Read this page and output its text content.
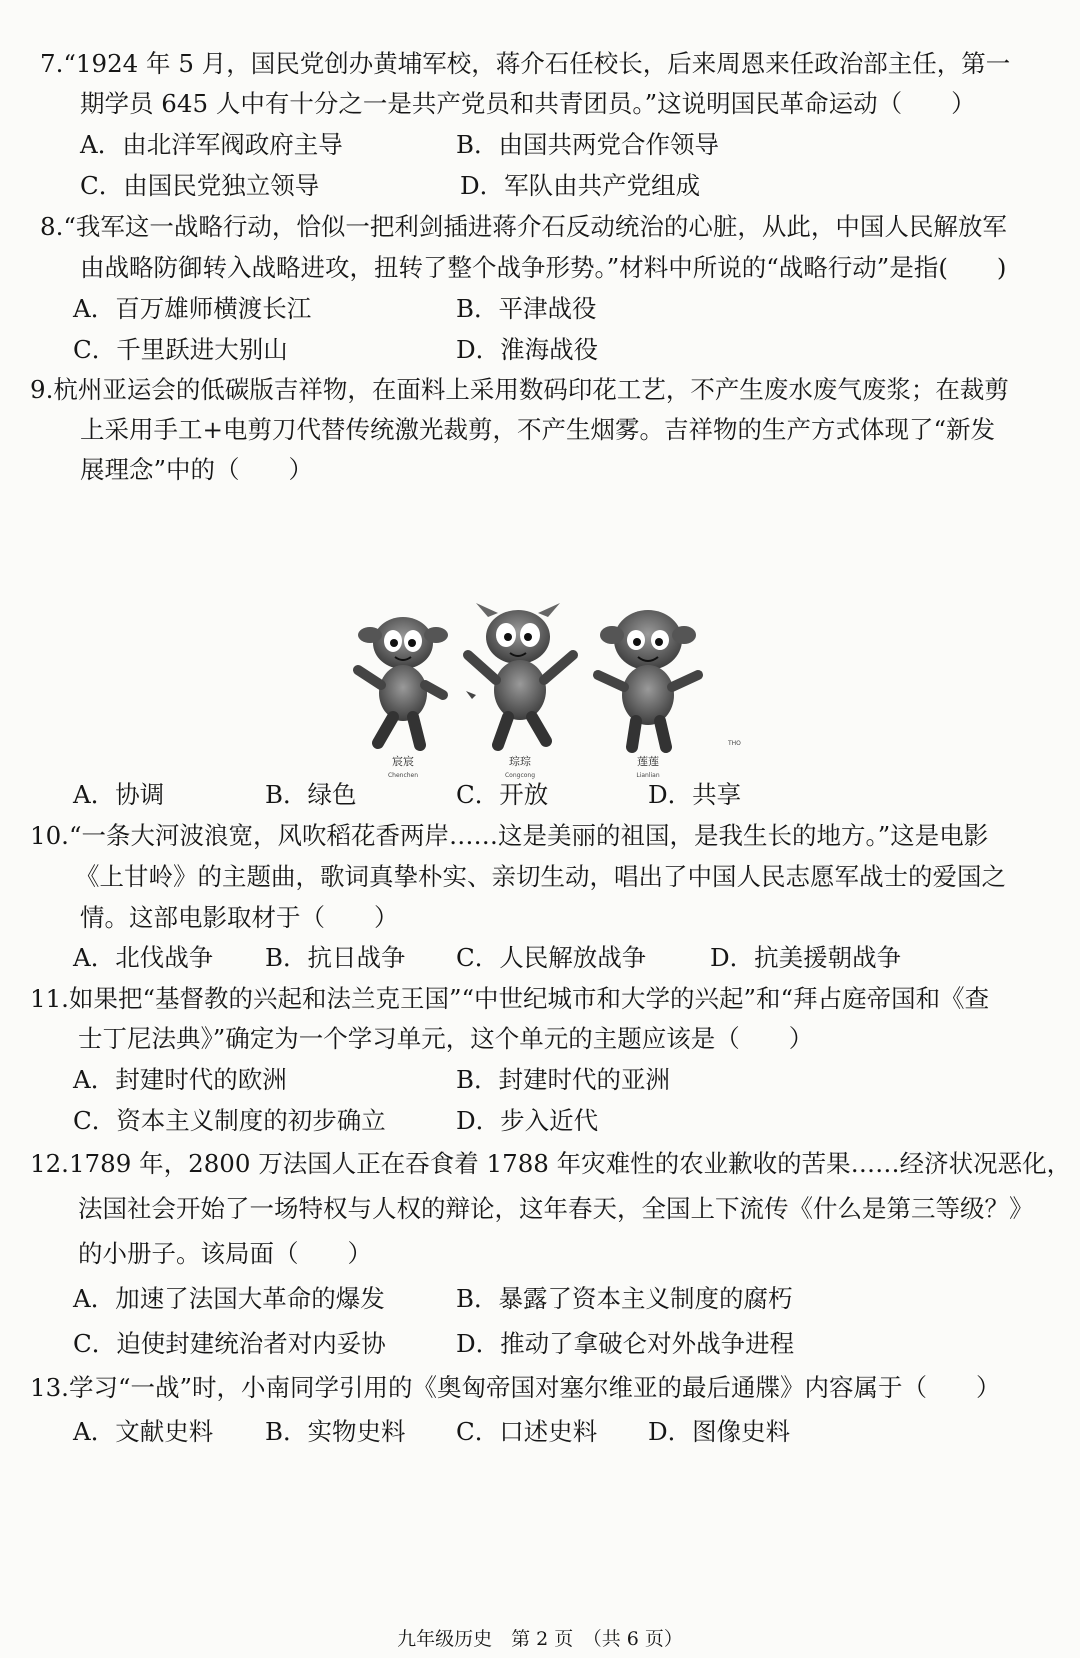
7.“1924 年 5 月，国民党创办黄埔军校，蒋介石任校长，后来周恩来任政治部主任，第一
期学员 645 人中有十分之一是共产党员和共青团员。”这说明国民革命运动（　　）
A．由北洋军阀政府主导	B．由国共两党合作领导
C．由国民党独立领导	D．军队由共产党组成
8.“我军这一战略行动，恰似一把利剑插进蒋介石反动统治的心脏，从此，中国人民解放军
由战略防御转入战略进攻，扭转了整个战争形势。”材料中所说的“战略行动”是指(　　)
A．百万雄师横渡长江	B．平津战役
C．千里跃进大别山	D．淮海战役
9.杭州亚运会的低碳版吉祥物，在面料上采用数码印花工艺，不产生废水废气废浆；在裁剪
上采用手工+电剪刀代替传统激光裁剪，不产生烟雾。吉祥物的生产方式体现了“新发
展理念”中的（　　）
宸宸
Chenchen
琮琮
Congcong
莲莲
Lianlian
THO
A．协调	B．绿色	C．开放	D．共享
10.“一条大河波浪宽，风吹稻花香两岸……这是美丽的祖国，是我生长的地方。”这是电影
《上甘岭》的主题曲，歌词真挚朴实、亲切生动，唱出了中国人民志愿军战士的爱国之
情。这部电影取材于（　　）
A．北伐战争 B．抗日战争 C．人民解放战争	D．抗美援朝战争
11.如果把“基督教的兴起和法兰克王国”“中世纪城市和大学的兴起”和“拜占庭帝国和《查
士丁尼法典》”确定为一个学习单元，这个单元的主题应该是（　　）
A．封建时代的欧洲	B．封建时代的亚洲
C．资本主义制度的初步确立	D．步入近代
12.1789 年，2800 万法国人正在吞食着 1788 年灾难性的农业歉收的苦果……经济状况恶化，
法国社会开始了一场特权与人权的辩论，这年春天，全国上下流传《什么是第三等级？》
的小册子。该局面（　　）
A．加速了法国大革命的爆发	B．暴露了资本主义制度的腐朽
C．迫使封建统治者对内妥协	D．推动了拿破仑对外战争进程
13.学习“一战”时，小南同学引用的《奥匈帝国对塞尔维亚的最后通牒》内容属于（　　）
A．文献史料 B．实物史料 C．口述史料 D．图像史料
九年级历史　第 2 页　（共 6 页）
